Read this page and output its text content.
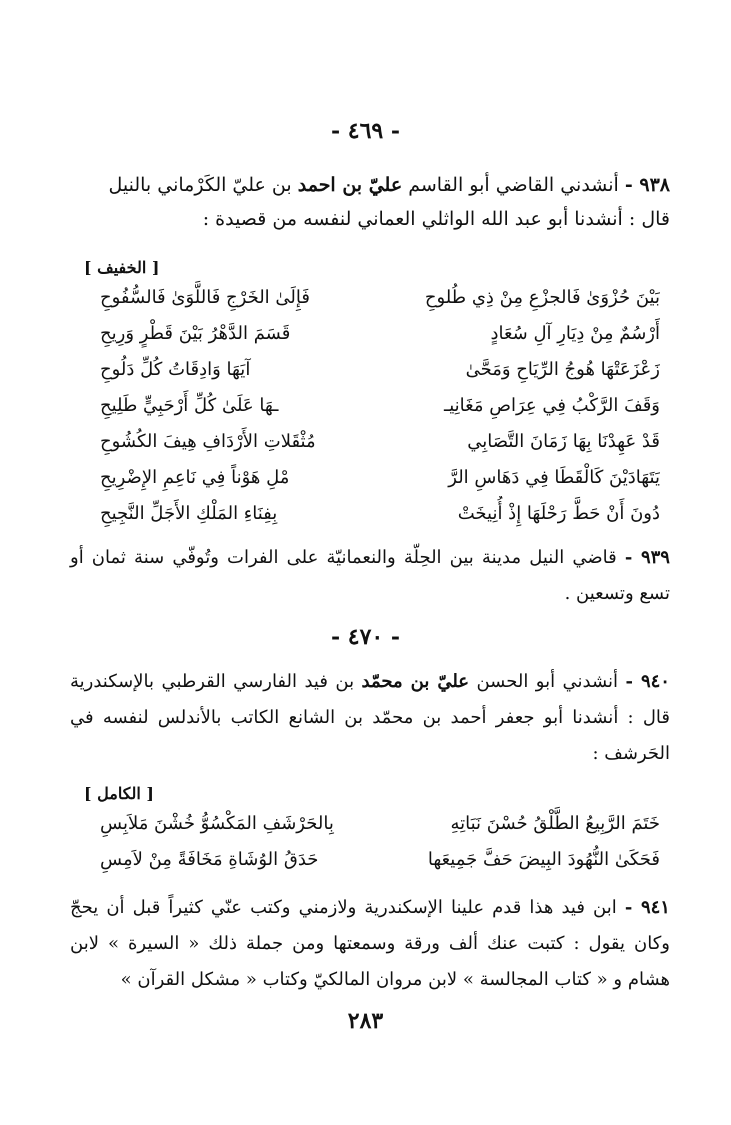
- ٤٦٩ -
٩٣٨ - أنشدني القاضي أبو القاسم عليّ بن احمد بن عليّ الكَرْماني بالنيل
قال : أنشدنا أبو عبد الله الواثلي العماني لنفسه من قصيدة :
[ الخفيف ]
بَيْنَ حُزْوَىٰ فَالجزْعِ مِنْ ذِي طُلوحِ
فَإِلَىٰ الخَرْجِ فَاللَّوَىٰ فَالسُّفُوحِ
أَرْسُمٌ مِنْ دِيَارِ آلِ سُعَادٍ
قَسَمَ الدَّهْرُ بَيْنَ قَطْرٍ وَرِيحِ
زَعْزَعَتْهَا هُوجُ الرِّيَاحِ وَمَحَّىٰ
آيَهَا وَادِقَاتُ كُلِّ دَلُوحِ
وَقَفَ الرَّكْبُ فِي عِرَاصِ مَغَانِيـ
ـهَا عَلَىٰ كُلِّ أَرْحَبِيٍّ طَلِيحِ
قَدْ عَهِدْنَا بِهَا زَمَانَ التَّصَابِي
مُثْقَلاتِ الأَرْدَافِ هِيفَ الكُشُوحِ
يَتَهَادَيْنَ كَالْقَطَا فِي دَهَاسِ الرَّ
مْلِ هَوْناً فِي نَاعِمِ الإِضْرِيحِ
دُونَ أَنْ حَطَّ رَحْلَهَا إِذْ أُنِيخَتْ
بِفِنَاءِ المَلْكِ الأَجَلِّ النَّجِيحِ
٩٣٩ - قاضي النيل مدينة بين الحِلّة والنعمانيّة على الفرات وتُوفّي سنة ثمان أو تسع وتسعين .
- ٤٧٠ -
٩٤٠ - أنشدني أبو الحسن عليّ بن محمّد بن فيد الفارسي القرطبي بالإسكندرية قال : أنشدنا أبو جعفر أحمد بن محمّد بن الشانع الكاتب بالأندلس لنفسه في الحَرشف :
[ الكامل ]
خَتَمَ الرَّبِيعُ الطَّلْقُ حُسْنَ نَبَاتِهِ
بِالحَرْشَفِ المَكْسُوُّ خُشْنَ مَلاَبِسِ
فَحَكَىٰ النُّهُودَ البِيضَ حَفَّ جَمِيعَها
حَدَقُ الوُشَاةِ مَخَافَةً مِنْ لاَمِسِ
٩٤١ - ابن فيد هذا قدم علينا الإسكندرية ولازمني وكتب عنّي كثيراً قبل أن يحجّ وكان يقول : كتبت عنك ألف ورقة وسمعتها ومن جملة ذلك « السيرة » لابن هشام و « كتاب المجالسة » لابن مروان المالكيّ وكتاب « مشكل القرآن »
٢٨٣
